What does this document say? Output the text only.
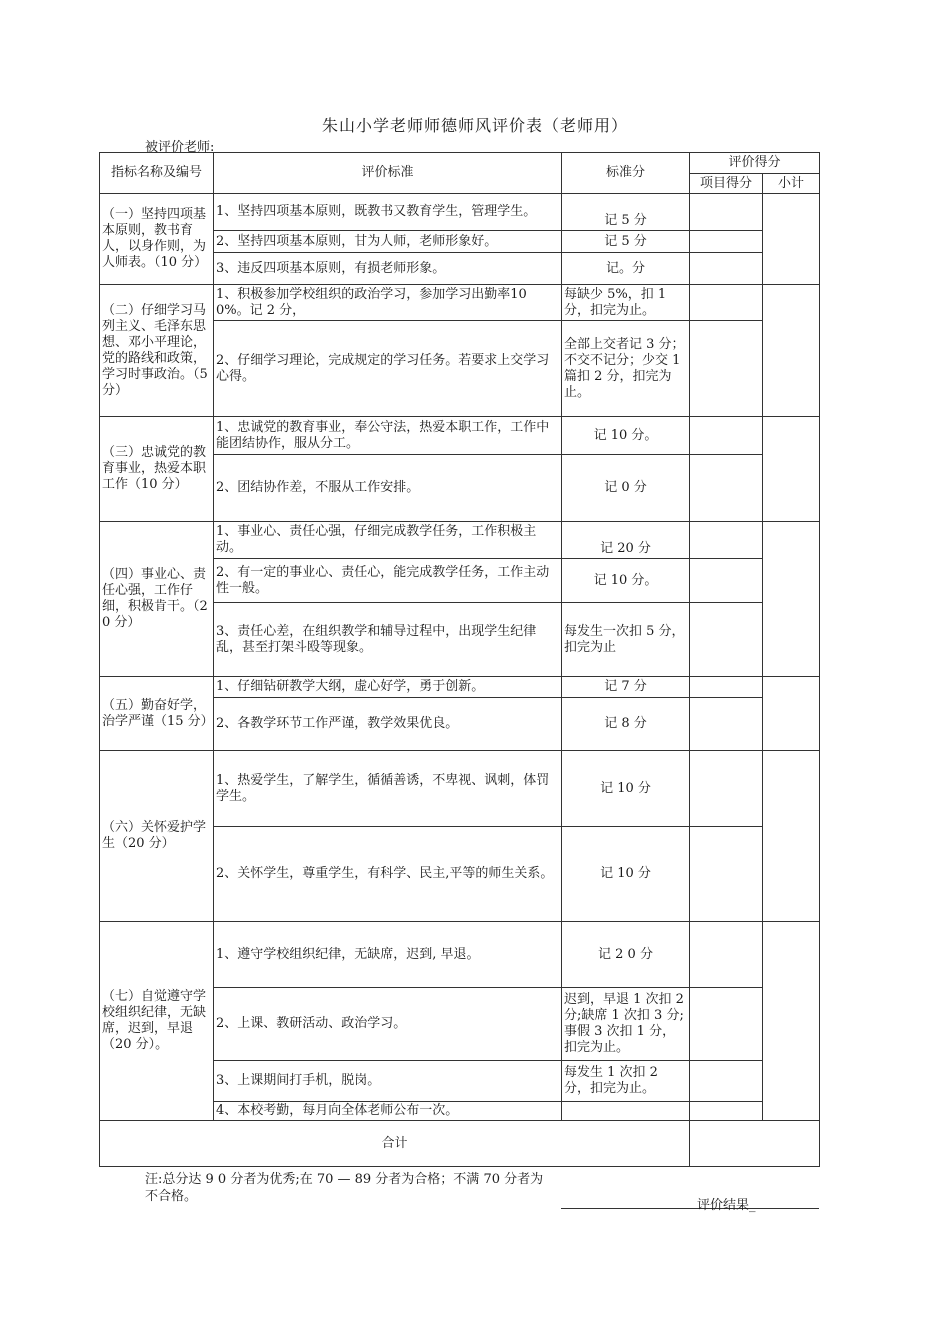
朱山小学老师师德师风评价表（老师用）
被评价老师:
指标名称及编号	评价标准	标准分	评价得分	
			项目得分	小计
（一）坚持四项基本原则，教书育人，以身作则，为人师表。（10 分）	1、坚持四项基本原则，既教书又教育学生，管理学生。	记 5 分		
	2、坚持四项基本原则，甘为人师，老师形象好。	记 5 分		
	3、违反四项基本原则，有损老师形象。	记。分		
（二）仔细学习马列主义、毛泽东思想、邓小平理论，党的路线和政策，学习时事政治。（5 分）	1、积极参加学校组织的政治学习，参加学习出勤率10 0%。记 2 分，	每缺少 5%，扣 1 分，扣完为止。		
	2、仔细学习理论，完成规定的学习任务。若要求上交学习心得。	全部上交者记 3 分；不交不记分；少交 1 篇扣 2 分，扣完为止。		
（三）忠诚党的教育事业，热爱本职工作（10 分）	1、忠诚党的教育事业，奉公守法，热爱本职工作，工作中能团结协作，服从分工。	记 10 分。		
	2、团结协作差，不服从工作安排。	记 0 分		
（四）事业心、责任心强，工作仔细，积极肯干。（2 0 分）	1、事业心、责任心强，仔细完成教学任务，工作积极主动。	记 20 分		
	2、有一定的事业心、责任心，能完成教学任务，工作主动性一般。	记 10 分。		
	3、责任心差，在组织教学和辅导过程中，出现学生纪律乱，甚至打架斗殴等现象。	每发生一次扣 5 分，扣完为止		
（五）勤奋好学，治学严谨（15 分）	1、仔细钻研教学大纲，虚心好学，勇于创新。	记 7 分		
	2、各教学环节工作严谨，教学效果优良。	记 8 分		
（六）关怀爱护学生（20 分）	1、热爱学生，了解学生，循循善诱，不卑视、讽刺，体罚学生。	记 10 分		
	2、关怀学生，尊重学生，有科学、民主,平等的师生关系。	记 10 分		
（七）自觉遵守学校组织纪律，无缺席，迟到，早退（20 分）。	1、遵守学校组织纪律，无缺席，迟到, 早退。	记 2 0 分		
	2、上课、教研活动、政治学习。	迟到，早退 1 次扣 2 分;缺席 1 次扣 3 分;事假 3 次扣 1 分，扣完为止。		
	3、上课期间打手机，脱岗。	每发生 1 次扣 2 分，扣完为止。		
	4、本校考勤，每月向全体老师公布一次。			
合计				
汪:总分达 9 0 分者为优秀;在 70 — 89 分者为合格；不满 70 分者为不合格。
评价结果_
